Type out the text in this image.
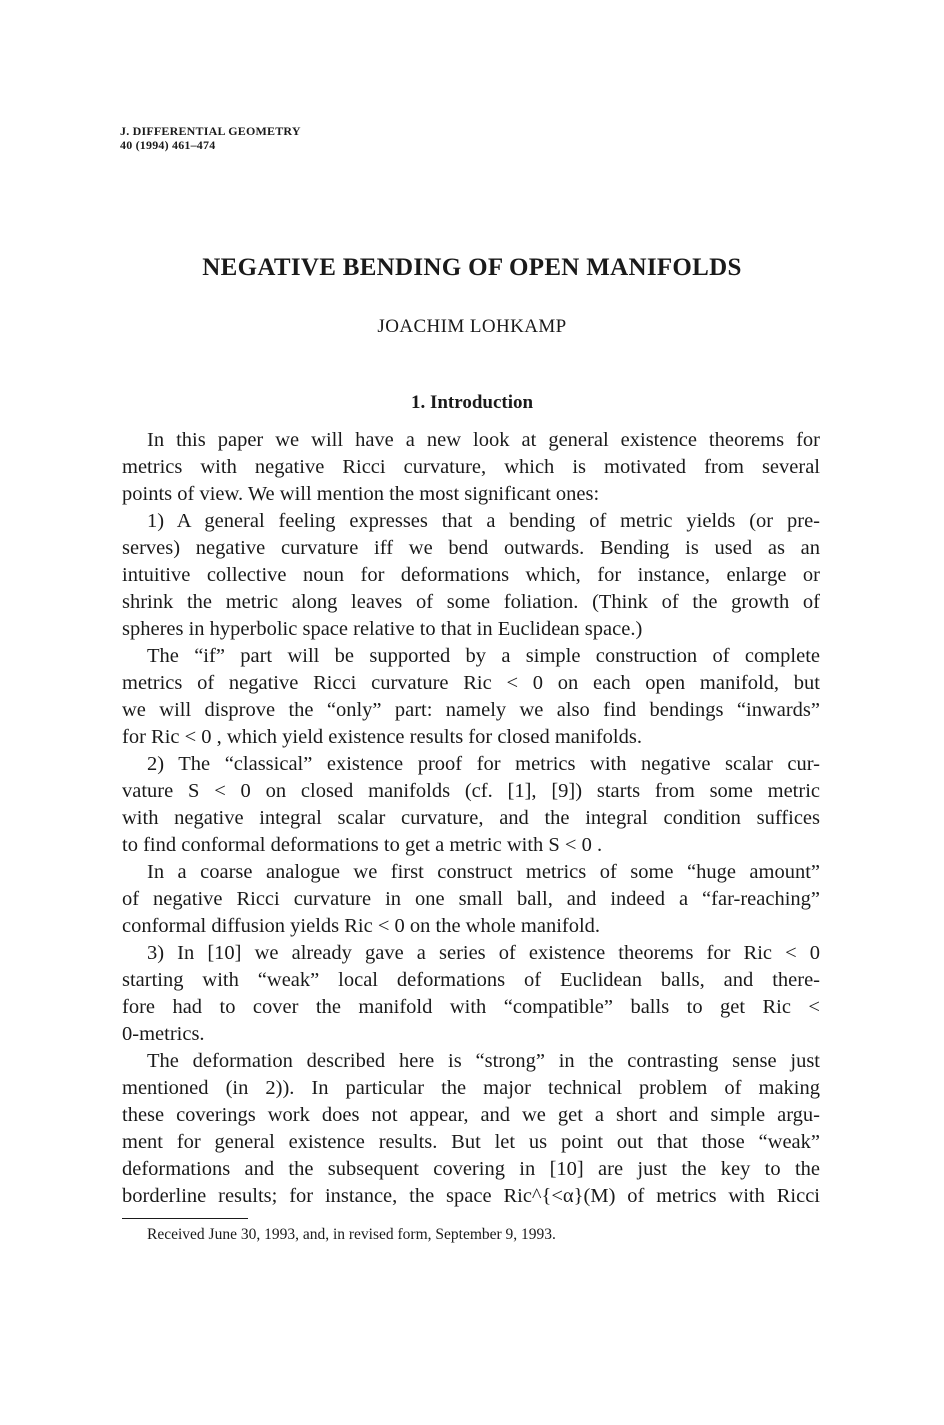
J. DIFFERENTIAL GEOMETRY
40 (1994) 461–474
NEGATIVE BENDING OF OPEN MANIFOLDS
JOACHIM LOHKAMP
1. Introduction
In this paper we will have a new look at general existence theorems for
metrics with negative Ricci curvature, which is motivated from several
points of view. We will mention the most significant ones:
1) A general feeling expresses that a bending of metric yields (or pre-
serves) negative curvature iff we bend outwards. Bending is used as an
intuitive collective noun for deformations which, for instance, enlarge or
shrink the metric along leaves of some foliation. (Think of the growth of
spheres in hyperbolic space relative to that in Euclidean space.)
The “if” part will be supported by a simple construction of complete
metrics of negative Ricci curvature Ric < 0 on each open manifold, but
we will disprove the “only” part: namely we also find bendings “inwards”
for Ric < 0 , which yield existence results for closed manifolds.
2) The “classical” existence proof for metrics with negative scalar cur-
vature S < 0 on closed manifolds (cf. [1], [9]) starts from some metric
with negative integral scalar curvature, and the integral condition suffices
to find conformal deformations to get a metric with S < 0 .
In a coarse analogue we first construct metrics of some “huge amount”
of negative Ricci curvature in one small ball, and indeed a “far-reaching”
conformal diffusion yields Ric < 0 on the whole manifold.
3) In [10] we already gave a series of existence theorems for Ric < 0
starting with “weak” local deformations of Euclidean balls, and there-
fore had to cover the manifold with “compatible” balls to get Ric <
0-metrics.
The deformation described here is “strong” in the contrasting sense just
mentioned (in 2)). In particular the major technical problem of making
these coverings work does not appear, and we get a short and simple argu-
ment for general existence results. But let us point out that those “weak”
deformations and the subsequent covering in [10] are just the key to the
borderline results; for instance, the space Ric^{<α}(M) of metrics with Ricci
Received June 30, 1993, and, in revised form, September 9, 1993.
